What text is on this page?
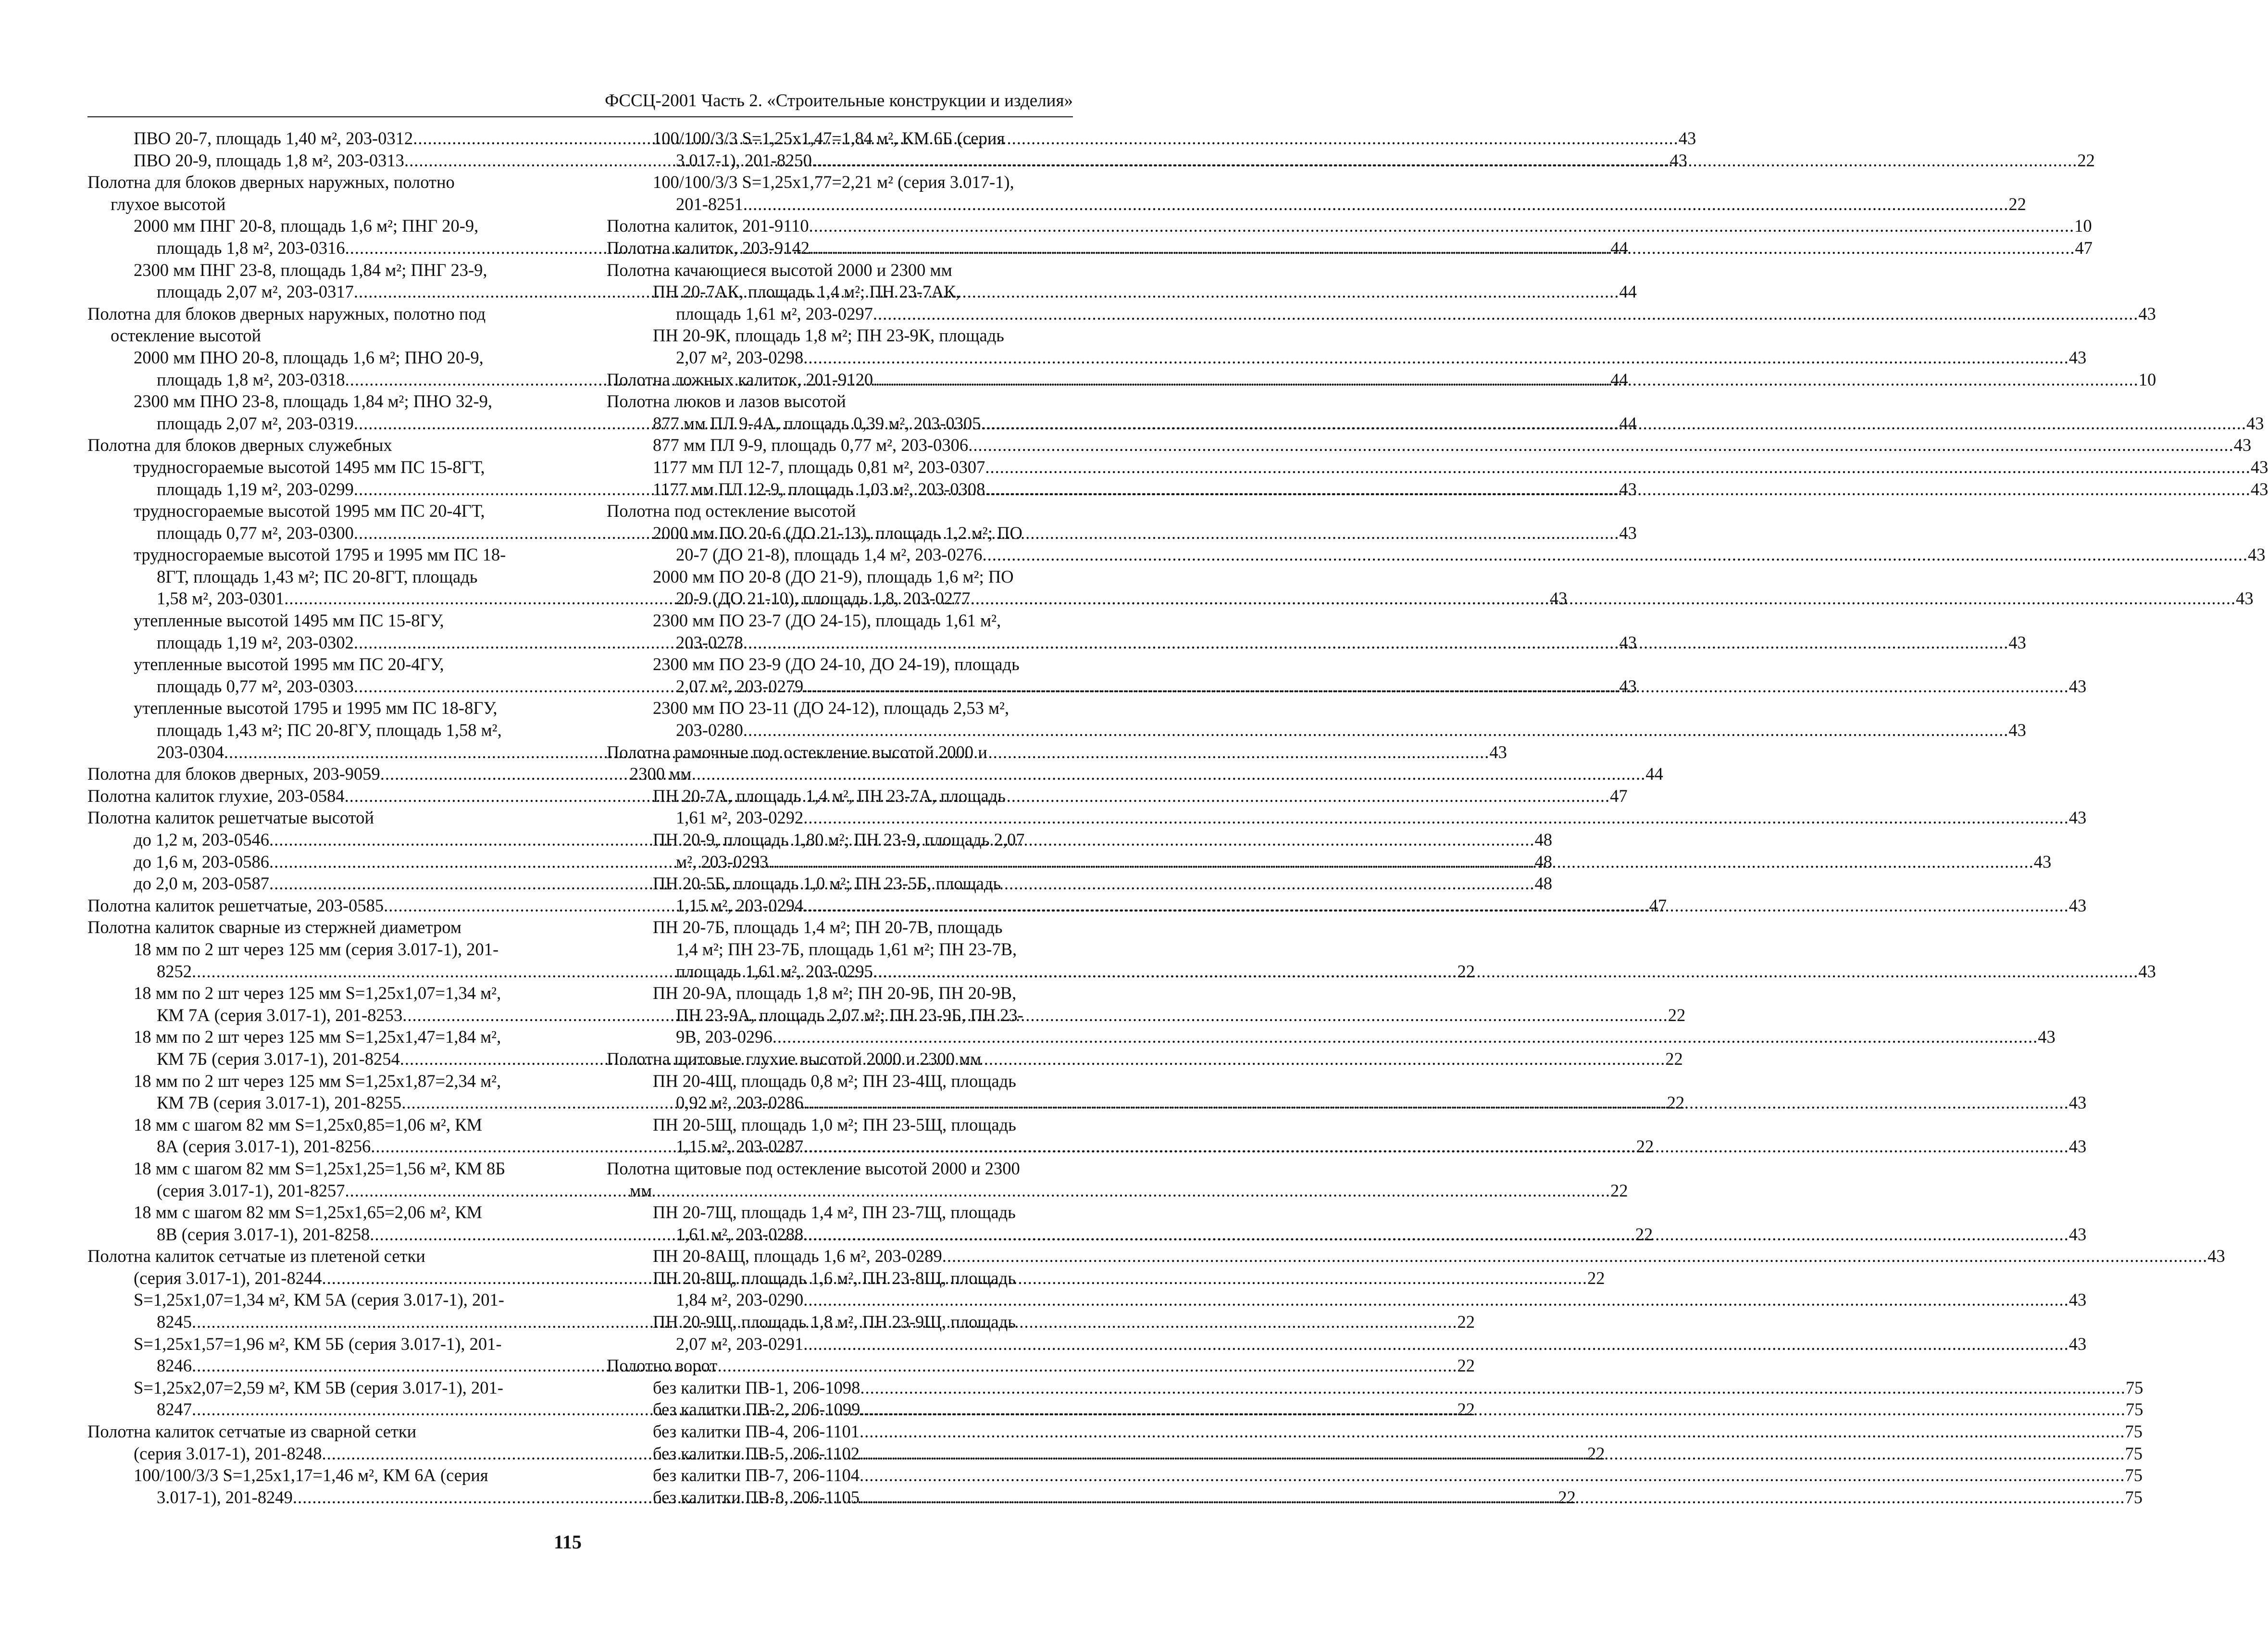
ФССЦ-2001 Часть 2. «Строительные конструкции и изделия»
ПВО 20-7, площадь 1,40 м², 203-0312 .....	43
ПВО 20-9, площадь 1,8 м², 203-0313 .....	43
Полотна для блоков дверных наружных, полотно
глухое высотой
2000 мм ПНГ 20-8, площадь 1,6 м²; ПНГ 20-9,
площадь 1,8 м², 203-0316 .....	44
2300 мм ПНГ 23-8, площадь 1,84 м²; ПНГ 23-9,
площадь 2,07 м², 203-0317 .....	44
Полотна для блоков дверных наружных, полотно под
остекление высотой
2000 мм ПНО 20-8, площадь 1,6 м²; ПНО 20-9,
площадь 1,8 м², 203-0318 .....	44
2300 мм ПНО 23-8, площадь 1,84 м²; ПНО 32-9,
площадь 2,07 м², 203-0319 .....	44
Полотна для блоков дверных служебных
трудносгораемые высотой 1495 мм ПС 15-8ГТ,
площадь 1,19 м², 203-0299 .....	43
трудносгораемые высотой 1995 мм ПС 20-4ГТ,
площадь 0,77 м², 203-0300 .....	43
трудносгораемые высотой 1795 и 1995 мм ПС 18-
8ГТ, площадь 1,43 м²; ПС 20-8ГТ, площадь
1,58 м², 203-0301 .....	43
утепленные высотой 1495 мм ПС 15-8ГУ,
площадь 1,19 м², 203-0302 .....	43
утепленные высотой 1995 мм ПС 20-4ГУ,
площадь 0,77 м², 203-0303 .....	43
утепленные высотой 1795 и 1995 мм ПС 18-8ГУ,
площадь 1,43 м²; ПС 20-8ГУ, площадь 1,58 м²,
203-0304 .....	43
Полотна для блоков дверных, 203-9059 .....	44
Полотна калиток глухие, 203-0584 .....	47
Полотна калиток решетчатые высотой
до 1,2 м, 203-0546 .....	48
до 1,6 м, 203-0586 .....	48
до 2,0 м, 203-0587 .....	48
Полотна калиток решетчатые, 203-0585 .....	47
Полотна калиток сварные из стержней диаметром
18 мм по 2 шт через 125 мм (серия 3.017-1), 201-
8252 .....	22
18 мм по 2 шт через 125 мм S=1,25x1,07=1,34 м²,
КМ 7А (серия 3.017-1), 201-8253 .....	22
18 мм по 2 шт через 125 мм S=1,25x1,47=1,84 м²,
КМ 7Б (серия 3.017-1), 201-8254 .....	22
18 мм по 2 шт через 125 мм S=1,25x1,87=2,34 м²,
КМ 7В (серия 3.017-1), 201-8255 .....	22
18 мм с шагом 82 мм S=1,25x0,85=1,06 м², КМ
8А (серия 3.017-1), 201-8256 .....	22
18 мм с шагом 82 мм S=1,25x1,25=1,56 м², КМ 8Б
(серия 3.017-1), 201-8257 .....	22
18 мм с шагом 82 мм S=1,25x1,65=2,06 м², КМ
8В (серия 3.017-1), 201-8258 .....	22
Полотна калиток сетчатые из плетеной сетки
(серия 3.017-1), 201-8244 .....	22
S=1,25x1,07=1,34 м², КМ 5А (серия 3.017-1), 201-
8245 .....	22
S=1,25x1,57=1,96 м², КМ 5Б (серия 3.017-1), 201-
8246 .....	22
S=1,25x2,07=2,59 м², КМ 5В (серия 3.017-1), 201-
8247 .....	22
Полотна калиток сетчатые из сварной сетки
(серия 3.017-1), 201-8248 .....	22
100/100/3/3 S=1,25x1,17=1,46 м², КМ 6А (серия
3.017-1), 201-8249 .....	22
100/100/3/3 S=1,25x1,47=1,84 м², КМ 6Б (серия
3.017-1), 201-8250 .....	22
100/100/3/3 S=1,25x1,77=2,21 м² (серия 3.017-1),
201-8251 .....	22
Полотна калиток, 201-9110 .....	10
Полотна калиток, 203-9142 .....	47
Полотна качающиеся высотой 2000 и 2300 мм
ПН 20-7АК, площадь 1,4 м²; ПН 23-7АК,
площадь 1,61 м², 203-0297 .....	43
ПН 20-9К, площадь 1,8 м²; ПН 23-9К, площадь
2,07 м², 203-0298 .....	43
Полотна ложных калиток, 201-9120 .....	10
Полотна люков и лазов высотой
877 мм ПЛ 9-4А, площадь 0,39 м², 203-0305 .....	43
877 мм ПЛ 9-9, площадь 0,77 м², 203-0306 .....	43
1177 мм ПЛ 12-7, площадь 0,81 м², 203-0307 .....	43
1177 мм ПЛ 12-9, площадь 1,03 м², 203-0308 .....	43
Полотна под остекление высотой
2000 мм ПО 20-6 (ДО 21-13), площадь 1,2 м²; ПО
20-7 (ДО 21-8), площадь 1,4 м², 203-0276 .....	43
2000 мм ПО 20-8 (ДО 21-9), площадь 1,6 м²; ПО
20-9 (ДО 21-10), площадь 1,8, 203-0277 .....	43
2300 мм ПО 23-7 (ДО 24-15), площадь 1,61 м²,
203-0278 .....	43
2300 мм ПО 23-9 (ДО 24-10, ДО 24-19), площадь
2,07 м², 203-0279 .....	43
2300 мм ПО 23-11 (ДО 24-12), площадь 2,53 м²,
203-0280 .....	43
Полотна рамочные под остекление высотой 2000 и
2300 мм
ПН 20-7А, площадь 1,4 м², ПН 23-7А, площадь
1,61 м², 203-0292 .....	43
ПН 20-9, площадь 1,80 м²; ПН 23-9, площадь 2,07
м², 203-0293 .....	43
ПН 20-5Б, площадь 1,0 м²; ПН 23-5Б, площадь
1,15 м², 203-0294 .....	43
ПН 20-7Б, площадь 1,4 м²; ПН 20-7В, площадь
1,4 м²; ПН 23-7Б, площадь 1,61 м²; ПН 23-7В,
площадь 1,61 м², 203-0295 .....	43
ПН 20-9А, площадь 1,8 м²; ПН 20-9Б, ПН 20-9В,
ПН 23-9А, площадь 2,07 м²; ПН 23-9Б, ПН 23-
9В, 203-0296 .....	43
Полотна щитовые глухие высотой 2000 и 2300 мм
ПН 20-4Щ, площадь 0,8 м²; ПН 23-4Щ, площадь
0,92 м², 203-0286 .....	43
ПН 20-5Щ, площадь 1,0 м²; ПН 23-5Щ, площадь
1,15 м², 203-0287 .....	43
Полотна щитовые под остекление высотой 2000 и 2300
мм
ПН 20-7Щ, площадь 1,4 м², ПН 23-7Щ, площадь
1,61 м², 203-0288 .....	43
ПН 20-8АЩ, площадь 1,6 м², 203-0289 .....	43
ПН 20-8Щ, площадь 1,6 м², ПН 23-8Щ, площадь
1,84 м², 203-0290 .....	43
ПН 20-9Щ, площадь 1,8 м², ПН 23-9Щ, площадь
2,07 м², 203-0291 .....	43
Полотно ворот
без калитки ПВ-1, 206-1098 .....	75
без калитки ПВ-2, 206-1099 .....	75
без калитки ПВ-4, 206-1101 .....	75
без калитки ПВ-5, 206-1102 .....	75
без калитки ПВ-7, 206-1104 .....	75
без калитки ПВ-8, 206-1105 .....	75
115
